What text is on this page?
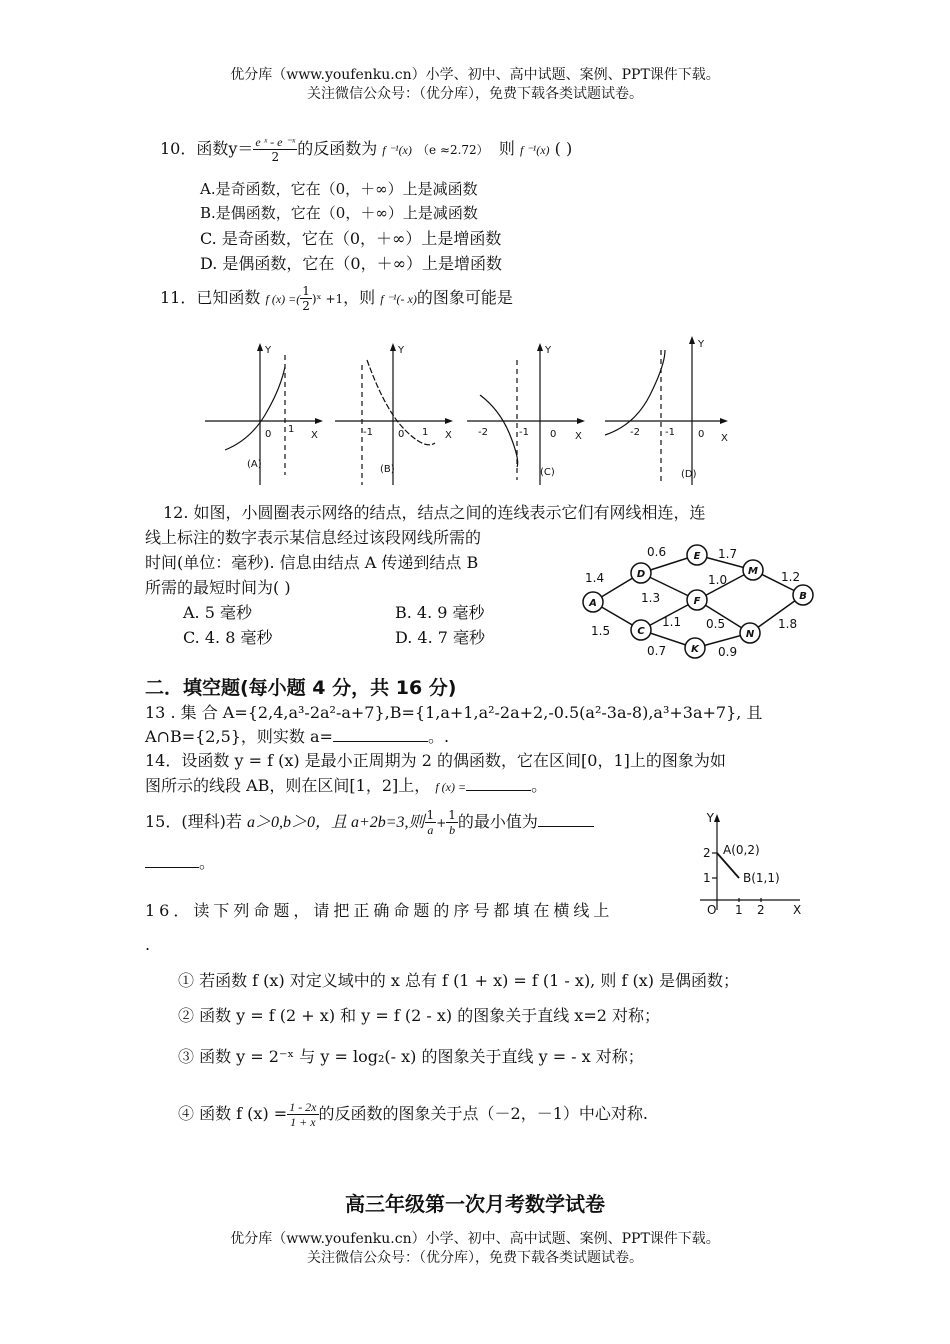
优分库（www.youfenku.cn）小学、初中、高中试题、案例、PPT课件下载。
关注微信公众号：（优分库），免费下载各类试题试卷。
10．函数$y= \frac{\text{e ˣ - e ⁻ˣ}}{2}$ 的反函数为 f ⁻¹(x) （e ≈2.72） 则 f ⁻¹(x) ( )
A.是奇函数，它在（0，＋∞）上是减函数
B.是偶函数，它在（0，＋∞）上是减函数
C. 是奇函数，它在（0，＋∞）上是增函数
D. 是偶函数，它在（0，＋∞）上是增函数
11．已知函数 f (x) =( $\frac{1}{2}$ )ˣ +1，则 f ⁻¹(- x)的图象可能是
Y
X
0 1
(A)
Y
X
0 1
-1
(B)
Y
X
0
-1
-2
(C)
Y
X
0
-1
-2
(D)
12. 如图，小圆圈表示网络的结点，结点之间的连线表示它们有网线相连，连
线上标注的数字表示某信息经过该段网线所需的
时间(单位：毫秒). 信息由结点 A 传递到结点 B
所需的最短时间为( )
A. 5 毫秒	B. 4. 9 毫秒
C. 4. 8 毫秒	D. 4. 7 毫秒
A
D
E
M
B
F
C	N
K
1.4
0.6	1.7
1.2
1.0
1.3
1.5
1.1 0.5	1.8
0.7	0.9
二．填空题(每小题 4 分，共 16 分)
13 . 集 合 A={2,4,a³-2a²-a+7},B={1,a+1,a²-2a+2,-0.5(a²-3a-8),a³+3a+7}, 且
A∩B={2,5}，则实数 a=	。.
14．设函数 y = f (x) 是最小正周期为 2 的偶函数，它在区间[0，1]上的图象为如
图所示的线段 AB，则在区间[1，2]上， f (x) =	。
15．(理科)若 a＞0,b＞0，且 a+2b=3,则 $\frac{1}{a} + \frac{1}{b}$ 的最小值为
。
Y
X
O 1 2
1
2 A(0,2)
B(1,1)
16．读下列命题，请把正确命题的序号都填在横线上
.
① 若函数 f (x) 对定义域中的 x 总有 f (1 + x) = f (1 - x), 则 f (x) 是偶函数；
② 函数 y = f (2 + x) 和 y = f (2 - x) 的图象关于直线 x=2 对称；
③ 函数 y = 2⁻ˣ 与 y = log₂(- x) 的图象关于直线 y = - x 对称；
④ 函数 f $(x) = \frac{1 - 2x}{1 + x}$ 的反函数的图象关于点（－2，－1）中心对称.
高三年级第一次月考数学试卷
优分库（www.youfenku.cn）小学、初中、高中试题、案例、PPT课件下载。
关注微信公众号：（优分库），免费下载各类试题试卷。
